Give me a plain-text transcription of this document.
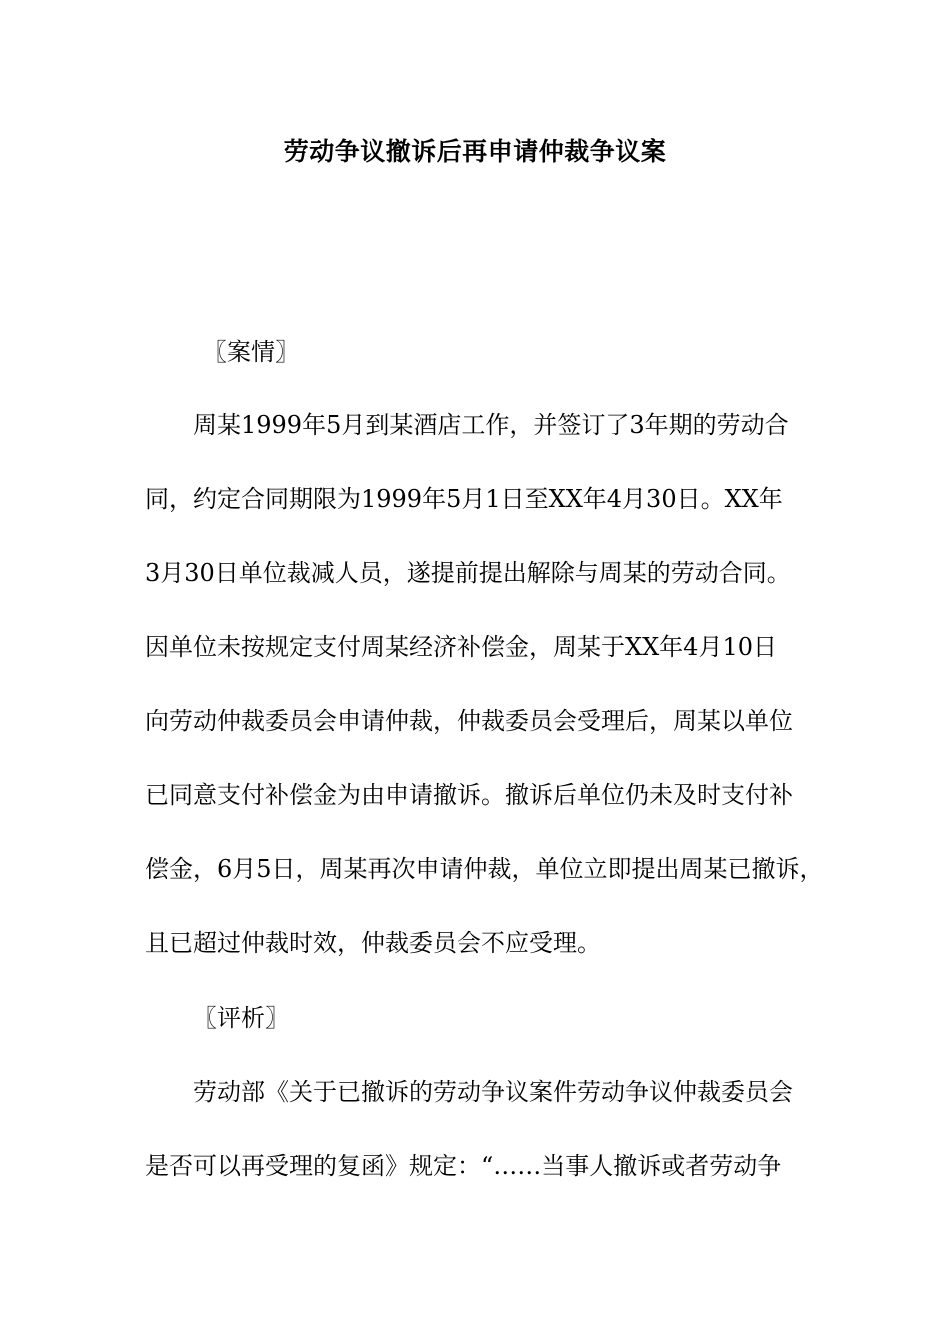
劳动争议撤诉后再申请仲裁争议案
〖案情〗
周某1999年5月到某酒店工作，并签订了3年期的劳动合
同，约定合同期限为1999年5月1日至XX年4月30日。XX年
3月30日单位裁减人员，遂提前提出解除与周某的劳动合同。
因单位未按规定支付周某经济补偿金，周某于XX年4月10日
向劳动仲裁委员会申请仲裁，仲裁委员会受理后，周某以单位
已同意支付补偿金为由申请撤诉。撤诉后单位仍未及时支付补
偿金，6月5日，周某再次申请仲裁，单位立即提出周某已撤诉，
且已超过仲裁时效，仲裁委员会不应受理。
〖评析〗
劳动部《关于已撤诉的劳动争议案件劳动争议仲裁委员会
是否可以再受理的复函》规定：“……当事人撤诉或者劳动争
